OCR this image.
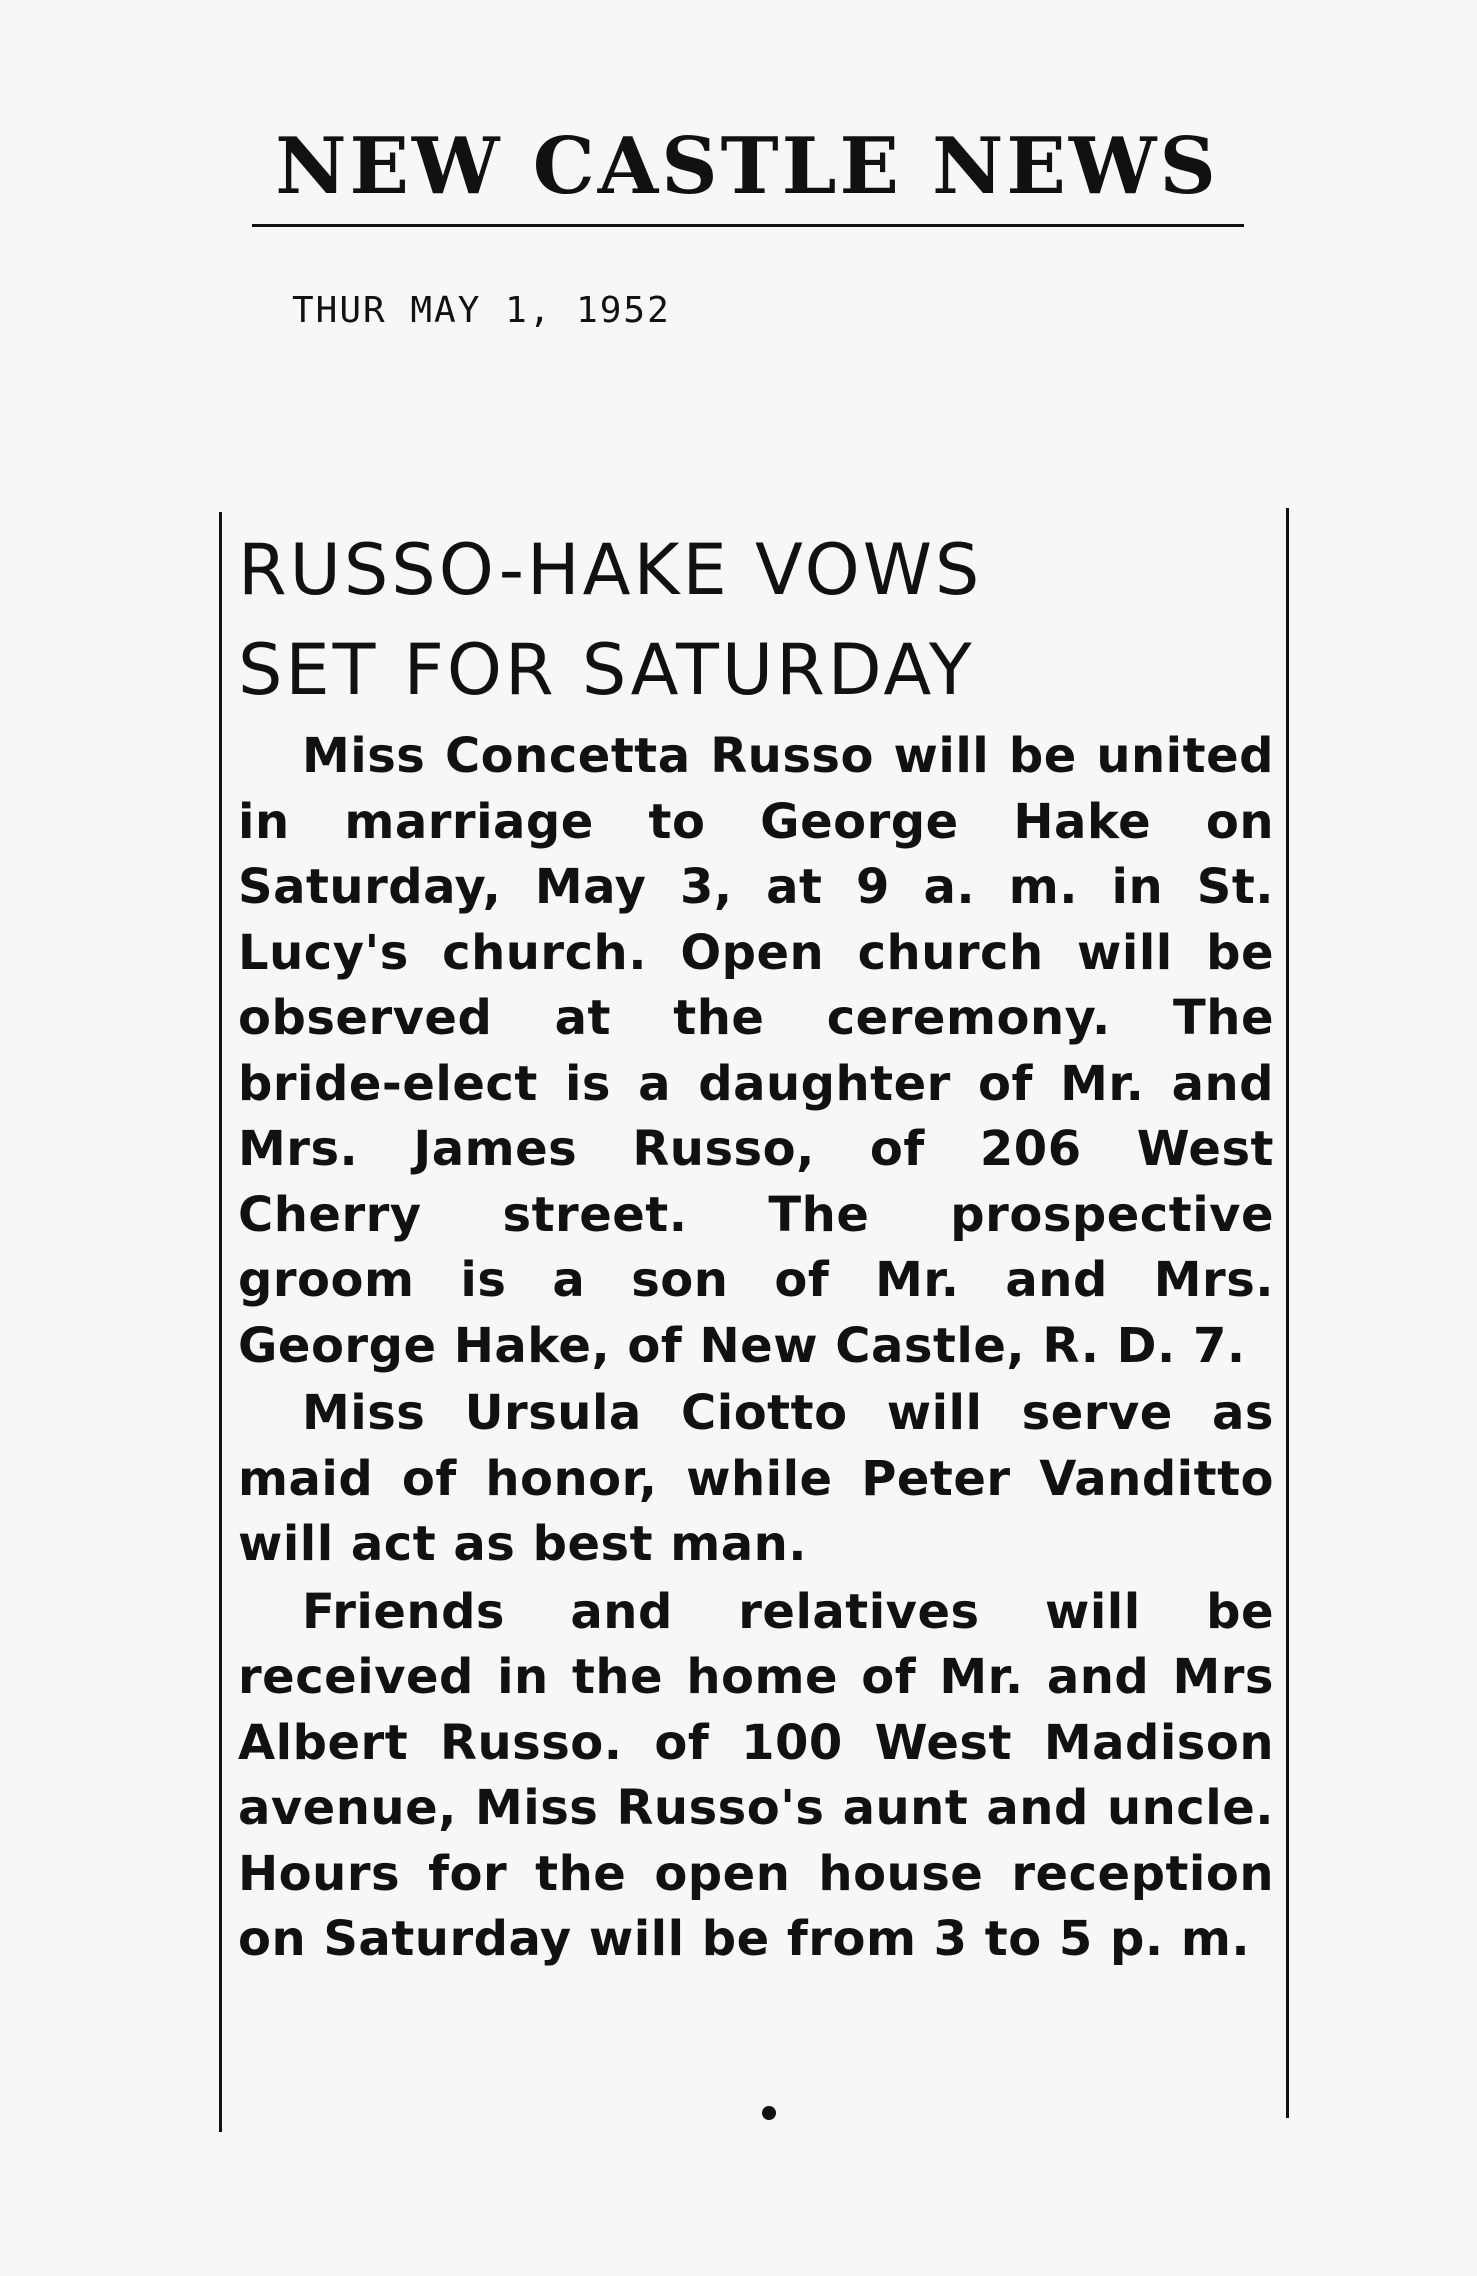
NEW CASTLE NEWS
THUR MAY 1, 1952
RUSSO-HAKE VOWS
SET FOR SATURDAY

Miss Concetta Russo will be united in marriage to George Hake on Saturday, May 3, at 9 a. m. in St. Lucy's church. Open church will be observed at the ceremony. The bride-elect is a daughter of Mr. and Mrs. James Russo, of 206 West Cherry street. The prospective groom is a son of Mr. and Mrs. George Hake, of New Castle, R. D. 7.

Miss Ursula Ciotto will serve as maid of honor, while Peter Vanditto will act as best man.

Friends and relatives will be received in the home of Mr. and Mrs Albert Russo. of 100 West Madison avenue, Miss Russo's aunt and uncle. Hours for the open house reception on Saturday will be from 3 to 5 p. m.
